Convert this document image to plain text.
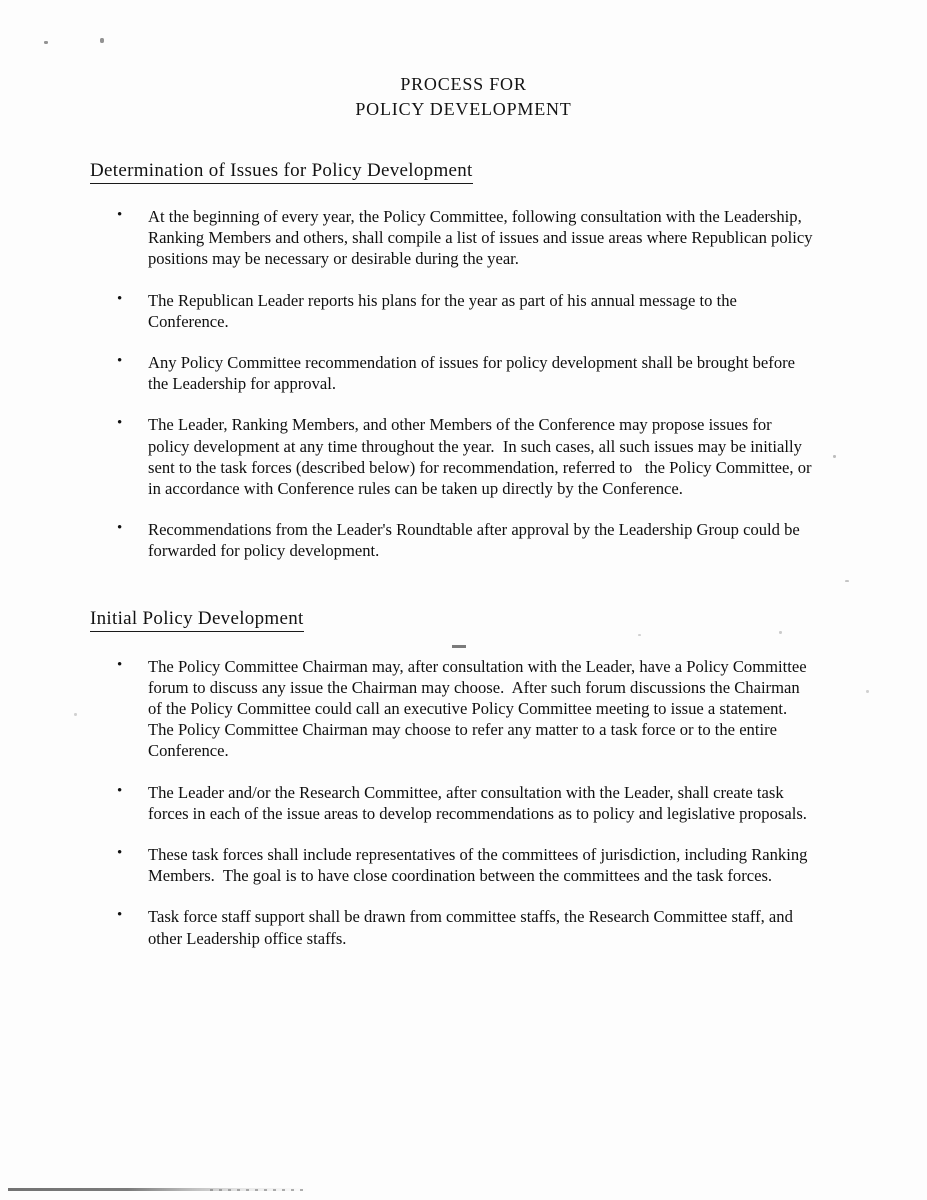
PROCESS FOR
POLICY DEVELOPMENT
Determination of Issues for Policy Development
• At the beginning of every year, the Policy Committee, following consultation with the Leadership, Ranking Members and others, shall compile a list of issues and issue areas where Republican policy positions may be necessary or desirable during the year.
• The Republican Leader reports his plans for the year as part of his annual message to the Conference.
• Any Policy Committee recommendation of issues for policy development shall be brought before the Leadership for approval.
• The Leader, Ranking Members, and other Members of the Conference may propose issues for policy development at any time throughout the year.  In such cases, all such issues may be initially sent to the task forces (described below) for recommendation, referred to   the Policy Committee, or in accordance with Conference rules can be taken up directly by the Conference.
• Recommendations from the Leader's Roundtable after approval by the Leadership Group could be forwarded for policy development.
Initial Policy Development
• The Policy Committee Chairman may, after consultation with the Leader, have a Policy Committee forum to discuss any issue the Chairman may choose.  After such forum discussions the Chairman of the Policy Committee could call an executive Policy Committee meeting to issue a statement.  The Policy Committee Chairman may choose to refer any matter to a task force or to the entire Conference.
• The Leader and/or the Research Committee, after consultation with the Leader, shall create task forces in each of the issue areas to develop recommendations as to policy and legislative proposals.
• These task forces shall include representatives of the committees of jurisdiction, including Ranking Members.  The goal is to have close coordination between the committees and the task forces.
• Task force staff support shall be drawn from committee staffs, the Research Committee staff, and other Leadership office staffs.
